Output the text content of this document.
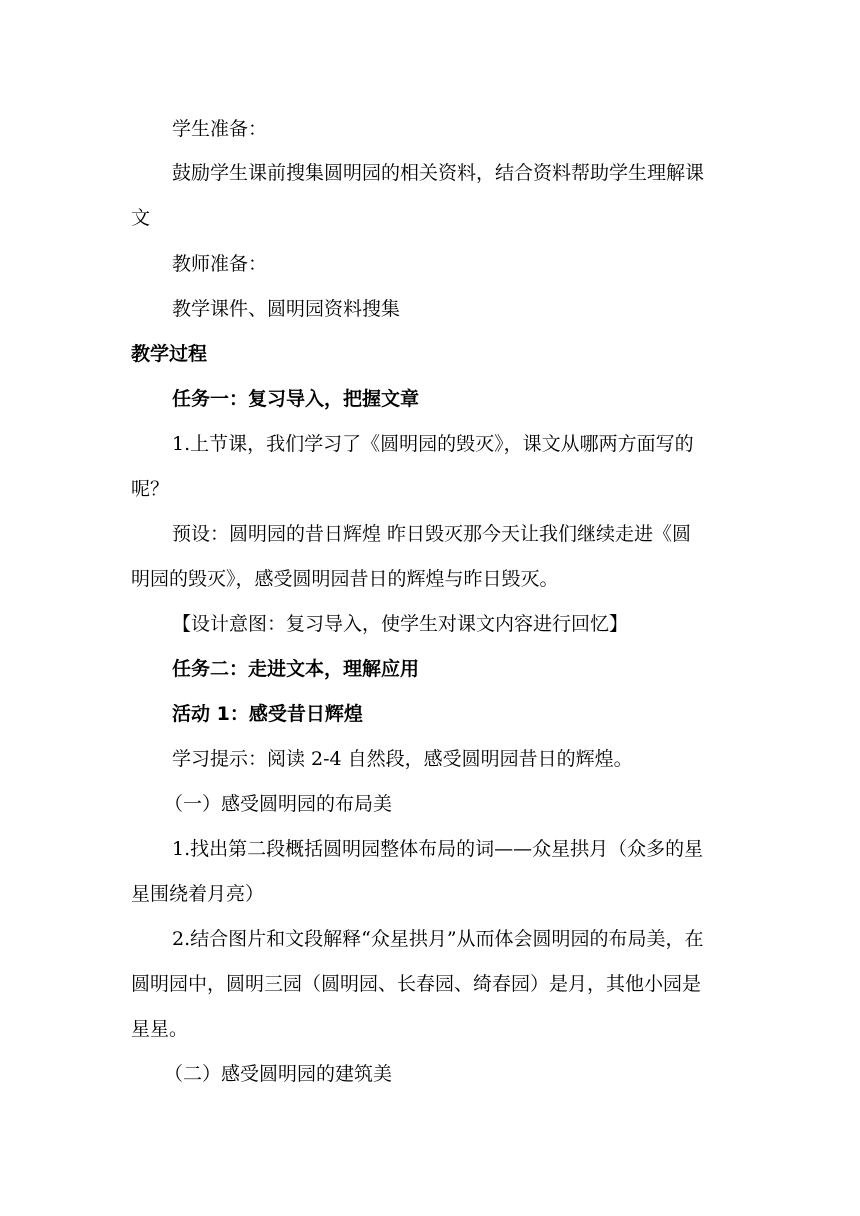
学生准备：
鼓励学生课前搜集圆明园的相关资料，结合资料帮助学生理解课
文
教师准备：
教学课件、圆明园资料搜集
教学过程
任务一：复习导入，把握文章
1.上节课，我们学习了《圆明园的毁灭》，课文从哪两方面写的
呢？
预设：圆明园的昔日辉煌 昨日毁灭那今天让我们继续走进《圆
明园的毁灭》，感受圆明园昔日的辉煌与昨日毁灭。
【设计意图：复习导入，使学生对课文内容进行回忆】
任务二：走进文本，理解应用
活动 1：感受昔日辉煌
学习提示：阅读 2-4 自然段，感受圆明园昔日的辉煌。
（一）感受圆明园的布局美
1.找出第二段概括圆明园整体布局的词——众星拱月（众多的星
星围绕着月亮）
2.结合图片和文段解释“众星拱月”从而体会圆明园的布局美，在
圆明园中，圆明三园（圆明园、长春园、绮春园）是月，其他小园是
星星。
（二）感受圆明园的建筑美
